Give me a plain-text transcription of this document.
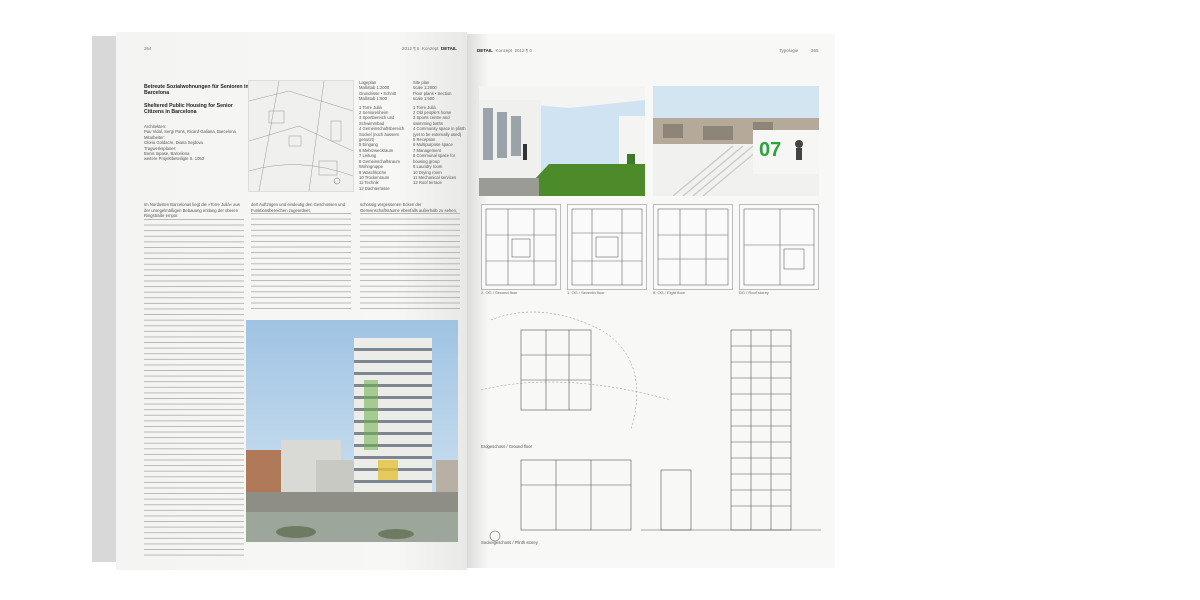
364	2012 ¶ 6 Konzept DETAIL
Betreute Sozialwohnungen für Senioren in Barcelona
Sheltered Public Housing for Senior Citizens in Barcelona
Architekten:
Pau Vidal, Sergi Pons, Ricard Galiana, Barcelona
Mitarbeiter:
Gloria Goldacre, Diana Sejdova
Tragwerksplaner:
Bonis Inpase, Barcelona
weitere Projektbeteiligte S. 1053
Lageplan
Maßstab 1:2000
Grundrisse • Schnitt
Maßstab 1:500
1 Torre Julià
2 Seniorenheim
3 Sportbereich und Schwimmbad
4 Gemeinschaftsbereich Sockel (noch äussern genutzt)
5 Eingang
6 Mehrzweckraum
7 Leitung
8 Gemeinschaftsraum Wohngruppe
9 Waschküche
10 Trockenraum
11 Technik
12 Dachterrasse
Site plan
scale 1:2000
Floor plans • Section
scale 1:500
1 Torre Julià
2 Old people's home
3 Sports centre and swimming baths
4 Community space in plinth (yet to be externally used)
5 Reception
6 Multipurpose space
7 Management
8 Communal space for housing group
9 Laundry room
10 Drying room
11 Mechanical services
12 Roof terrace
Im Nordosten Barcelonas liegt die »Torre Julià« aus der unregelmäßigen Bebauung entlang der oberen Ringstraße empor.
dert Auftzügen und eindeutig den Geschossen und Funktionsbereichen zugeordnet,
schossig vergessenen Ecken der Gemeinschaftsräume ebenfalls außerhalb zu sehen,
DETAIL Konzept 2012 ¶ 6	Typologie	365
07
2. OG / Second floor	1. OG / Seventh floor	8. OG / Eight floor	DG / Roof storey
Erdgeschoss / Ground floor
Sockelgeschoss / Plinth storey
